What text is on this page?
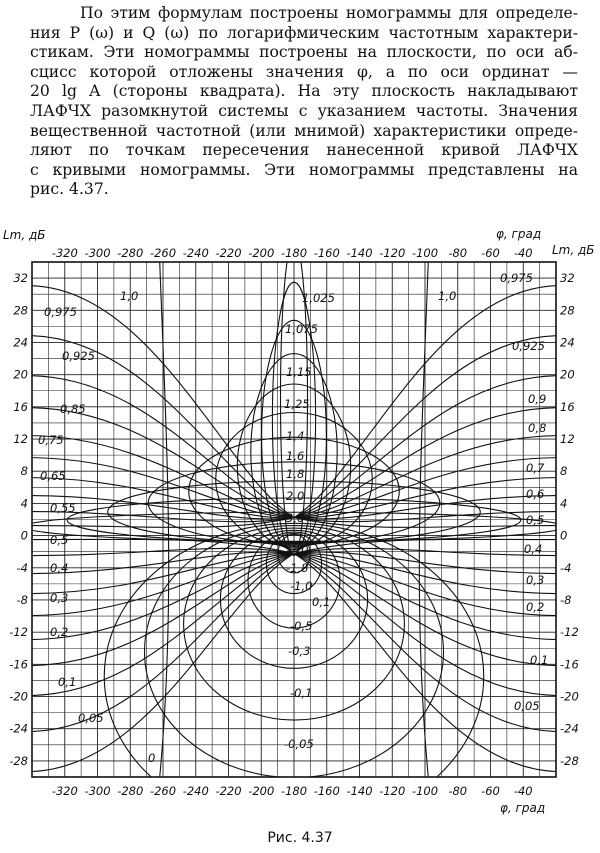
По этим формулам построены номограммы для определе-
ния P (ω) и Q (ω) по логарифмическим частотным характери-
стикам. Эти номограммы построены на плоскости, по оси аб-
сцисс которой отложены значения φ, а по оси ординат —
20 lg A (стороны квадрата). На эту плоскость накладывают
ЛАФЧХ разомкнутой системы с указанием частоты. Значения
вещественной частотной (или мнимой) характеристики опреде-
ляют по точкам пересечения нанесенной кривой ЛАФЧХ
с кривыми номограммы. Эти номограммы представлены на
рис. 4.37.
-320 -300 -280 -260 -240 -220 -200 -180 -160 -140 -120 -100 -80 -60 -40
-320 -300 -280 -260 -240 -220 -200 -180 -160 -140 -120 -100 -80 -60 -40
32	32
28	28
24	24
20	20
16	16
12	12
8	8
4	4
0	0
-4	-4
-8	-8
-12	-12
-16	-16
-20	-20
-24	-24
-28	-28
1,0
0,975
0,925
0,85
0,75
0,65
0,55
0,5
0,4
0,3
0,2
0,1
0,05
0
0,975
1,0
0,925
0,9
0,8
0,7
0,6
0,5
0,4
0,3
0,2
0,1
0,05
1,025
1,075
1,15
1,25
1,4
1,6
1,8
2,0
3,0
-2,0
-1,8
-1,0
0,1
-0,5
-0,3
-0,1
-0,05
Lm, дБ
Lm, дБ
φ, град
φ, град
Рис. 4.37
